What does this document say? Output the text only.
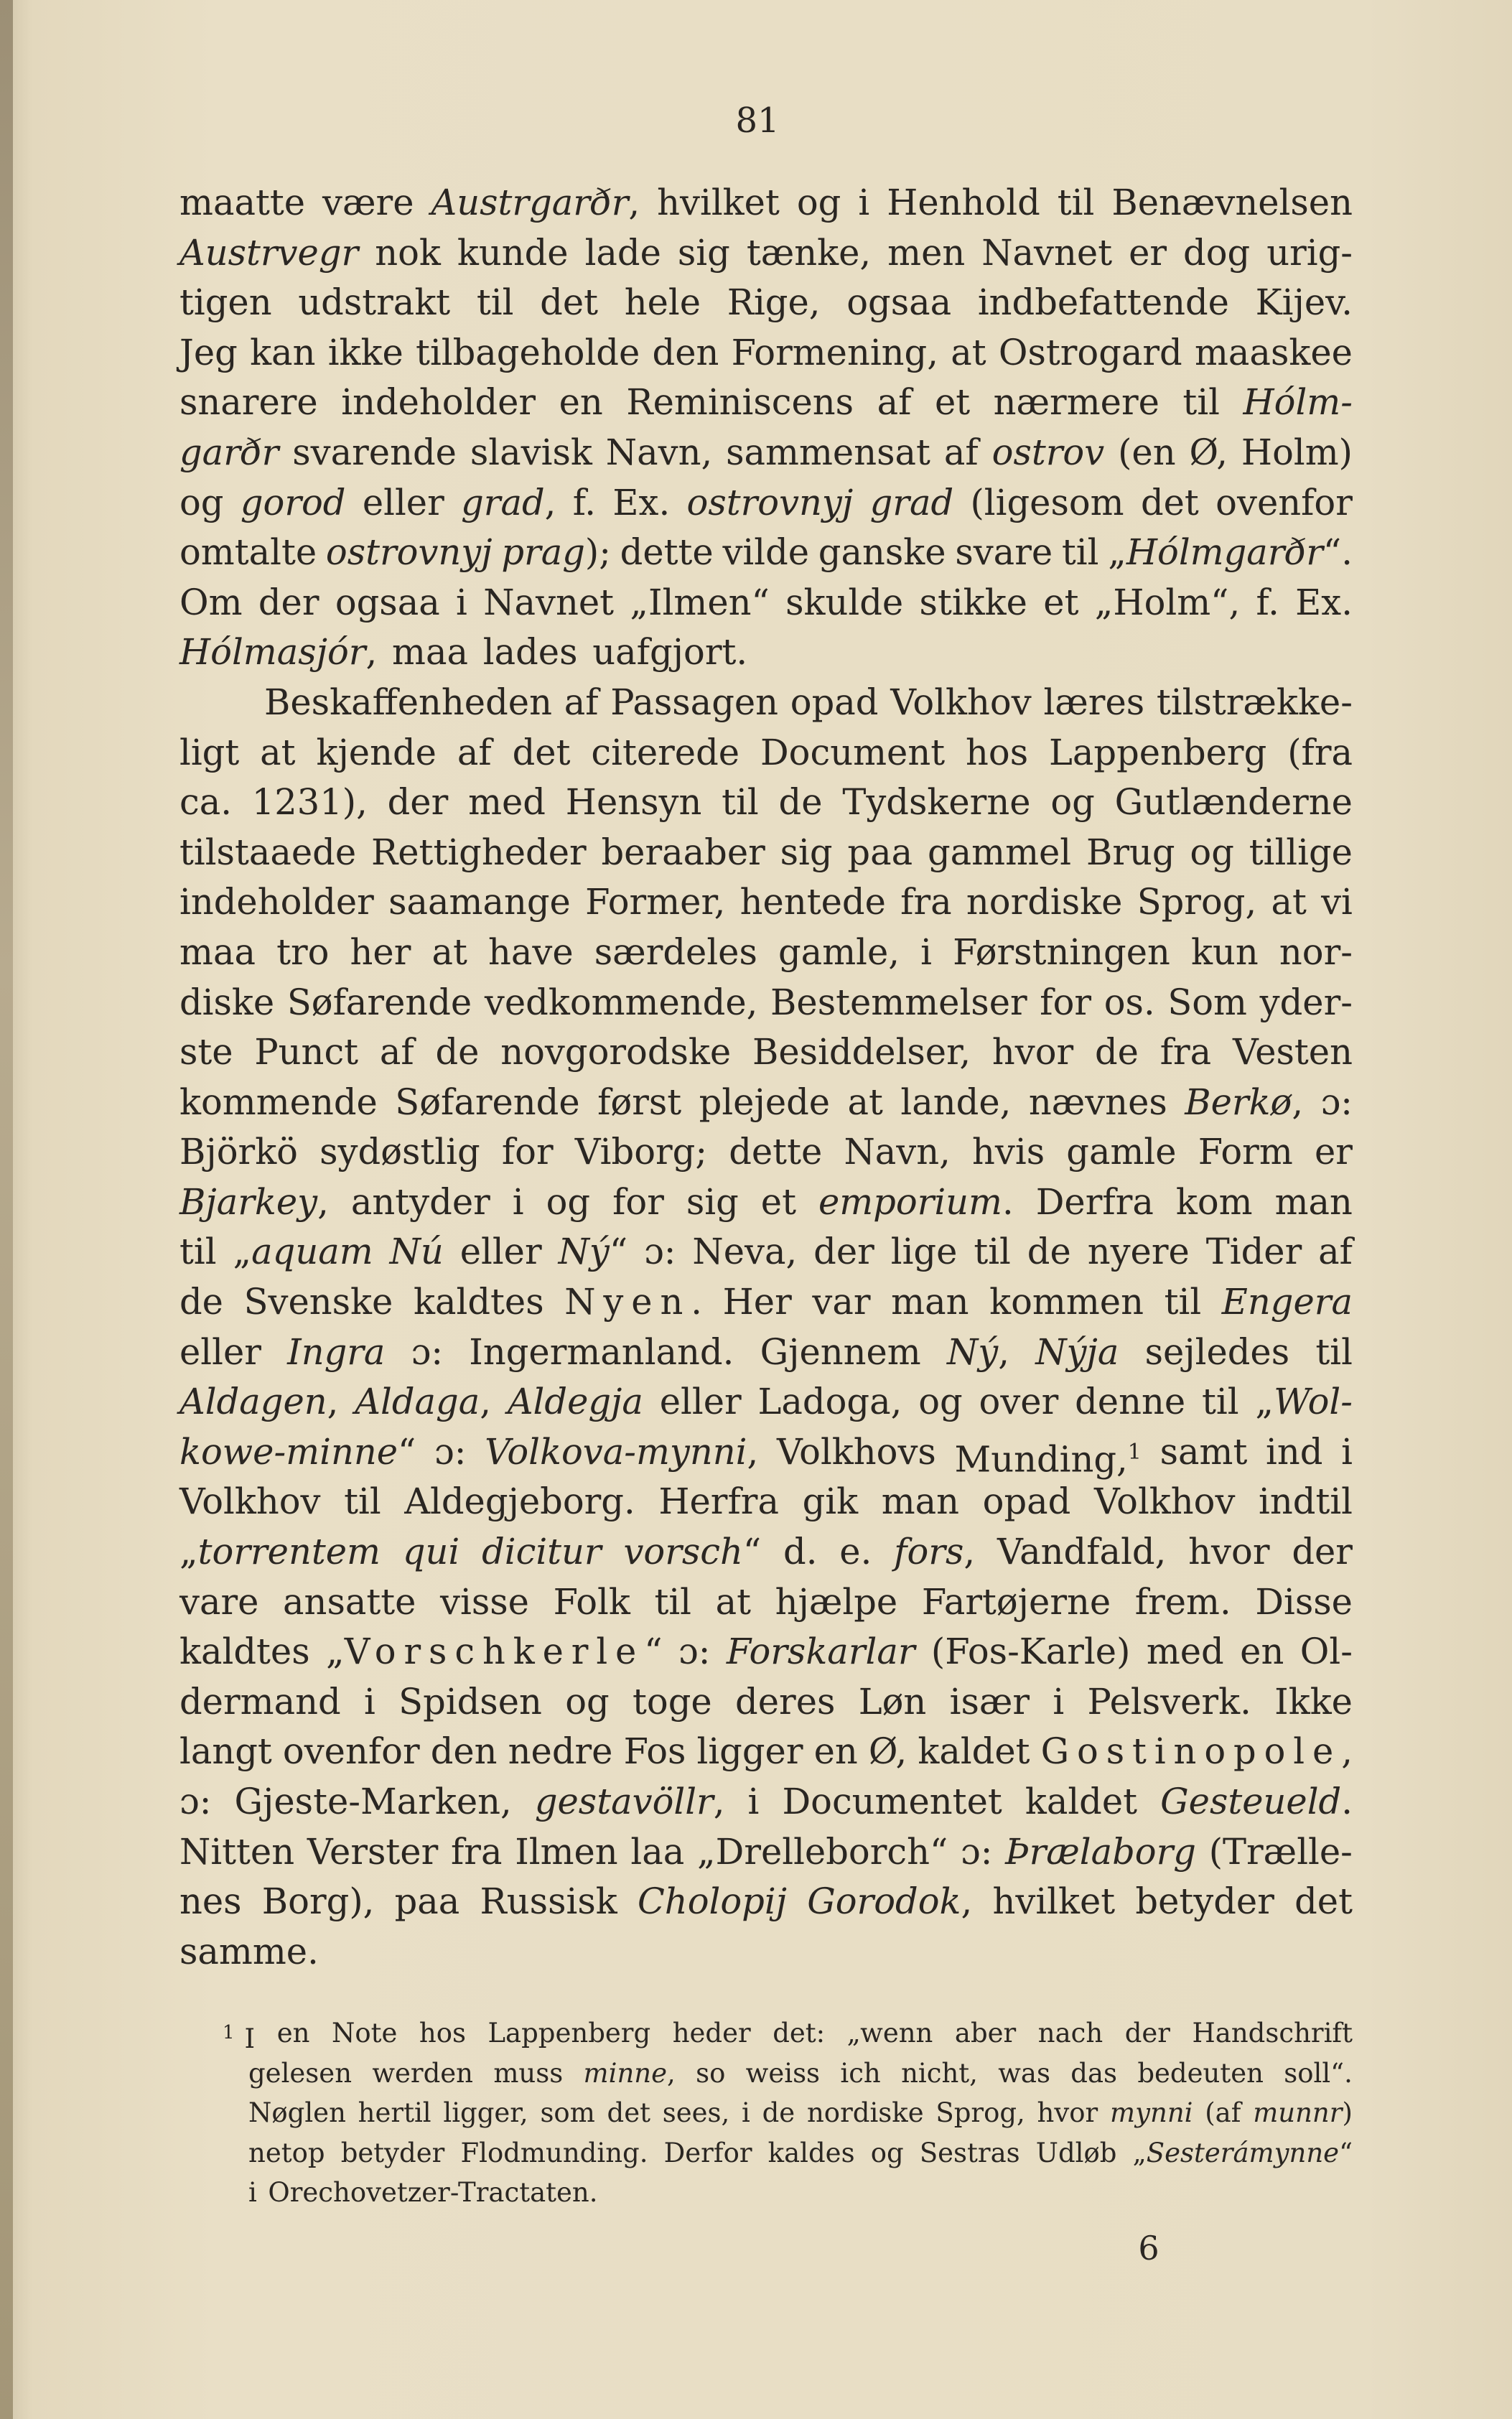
81
maatte være Austrgarðr, hvilket og i Henhold til Benævnelsen
Austrvegr nok kunde lade sig tænke, men Navnet er dog urig-
tigen udstrakt til det hele Rige, ogsaa indbefattende Kijev.
Jeg kan ikke tilbageholde den Formening, at Ostrogard maaskee
snarere indeholder en Reminiscens af et nærmere til Hólm-
garðr svarende slavisk Navn, sammensat af ostrov (en Ø, Holm)
og gorod eller grad, f. Ex. ostrovnyj grad (ligesom det ovenfor
omtalte ostrovnyj prag); dette vilde ganske svare til „Hólmgarðr“.
Om der ogsaa i Navnet „Ilmen“ skulde stikke et „Holm“, f. Ex.
Hólmasjór, maa lades uafgjort.
Beskaffenheden af Passagen opad Volkhov læres tilstrække-
ligt at kjende af det citerede Document hos Lappenberg (fra
ca. 1231), der med Hensyn til de Tydskerne og Gutlænderne
tilstaaede Rettigheder beraaber sig paa gammel Brug og tillige
indeholder saamange Former, hentede fra nordiske Sprog, at vi
maa tro her at have særdeles gamle, i Førstningen kun nor-
diske Søfarende vedkommende, Bestemmelser for os. Som yder-
ste Punct af de novgorodske Besiddelser, hvor de fra Vesten
kommende Søfarende først plejede at lande, nævnes Berkø, ɔ:
Björkö sydøstlig for Viborg; dette Navn, hvis gamle Form er
Bjarkey, antyder i og for sig et emporium. Derfra kom man
til „aquam Nú eller Ný“ ɔ: Neva, der lige til de nyere Tider af
de Svenske kaldtes Nyen. Her var man kommen til Engera
eller Ingra ɔ: Ingermanland. Gjennem Ný, Nýja sejledes til
Aldagen, Aldaga, Aldegja eller Ladoga, og over denne til „Wol-
kowe-minne“ ɔ: Volkova-mynni, Volkhovs Munding,1 samt ind i
Volkhov til Aldegjeborg. Herfra gik man opad Volkhov indtil
„torrentem qui dicitur vorsch“ d. e. fors, Vandfald, hvor der
vare ansatte visse Folk til at hjælpe Fartøjerne frem. Disse
kaldtes „Vorschkerle“ ɔ: Forskarlar (Fos-Karle) med en Ol-
dermand i Spidsen og toge deres Løn især i Pelsverk. Ikke
langt ovenfor den nedre Fos ligger en Ø, kaldet Gostinopole,
ɔ: Gjeste-Marken, gestavöllr, i Documentet kaldet Gesteueld.
Nitten Verster fra Ilmen laa „Drelleborch“ ɔ: Þrælaborg (Trælle-
nes Borg), paa Russisk Cholopij Gorodok, hvilket betyder det
samme.
1 I en Note hos Lappenberg heder det: „wenn aber nach der Handschrift
gelesen werden muss minne, so weiss ich nicht, was das bedeuten soll“.
Nøglen hertil ligger, som det sees, i de nordiske Sprog, hvor mynni (af munnr)
netop betyder Flodmunding. Derfor kaldes og Sestras Udløb „Sesterámynne“
i Orechovetzer-Tractaten.
6
